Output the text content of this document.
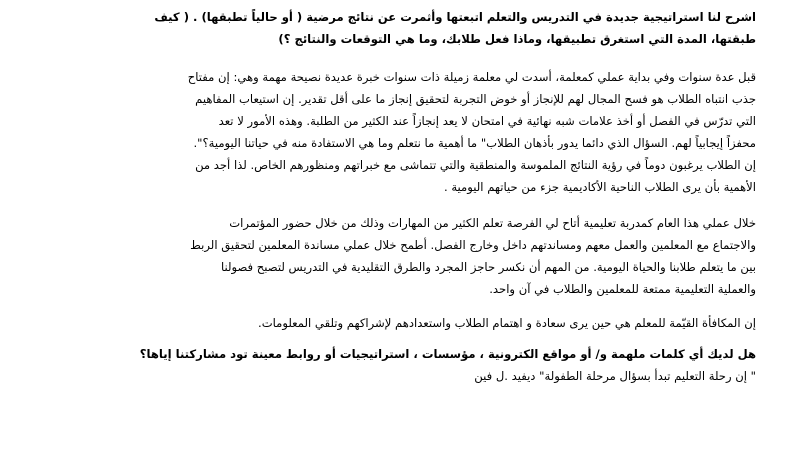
اشرح لنا استراتيجية جديدة في التدريس والتعلم اتبعتها وأثمرت عن نتائج مرضية ( أو حالياً تطبقها) . ( كيف
طبقتها، المدة التي استغرق تطبيقها، وماذا فعل طلابك، وما هي التوقعات والنتائج ؟)
قبل عدة سنوات وفي بداية عملي كمعلمة، أسدت لي معلمة زميلة ذات سنوات خبرة عديدة نصيحة مهمة وهي: إن مفتاح
جذب انتباه الطلاب هو فسح المجال لهم للإنجاز أو خوض التجربة لتحقيق إنجاز ما على أقل تقدير. إن استيعاب المفاهيم
التي تدرّس في الفصل أو أخذ علامات شبه نهائية في امتحان لا يعد إنجازاً عند الكثير من الطلبة. وهذه الأمور لا تعد
محفزاً إيجابياً لهم. السؤال الذي دائما يدور بأذهان الطلاب" ما أهمية ما نتعلم وما هي الاستفادة منه في حياتنا اليومية؟".
إن الطلاب يرغبون دوماً في رؤية النتائج الملموسة والمنطقية والتي تتماشى مع خبراتهم ومنظورهم الخاص. لذا أجد من
الأهمية بأن يرى الطلاب الناحية الأكاديمية جزء من حياتهم اليومية .
خلال عملي هذا العام كمدربة تعليمية أتاح لي الفرصة تعلم الكثير من المهارات وذلك من خلال حضور المؤتمرات
والاجتماع مع المعلمين والعمل معهم ومساندتهم داخل وخارج الفصل. أطمح خلال عملي مساندة المعلمين لتحقيق الربط
بين ما يتعلم طلابنا والحياة اليومية. من المهم أن نكسر حاجز المجرد والطرق التقليدية في التدريس لتصبح فصولنا
والعملية التعليمية ممتعة للمعلمين والطلاب في آن واحد.
إن المكافأة القيّمة للمعلم هي حين يرى سعادة و اهتمام الطلاب واستعدادهم لإشراكهم وتلقي المعلومات.
هل لديك أي كلمات ملهمة و/ أو مواقع الكترونية ، مؤسسات ، استراتيجيات أو روابط معينة تود مشاركتنا إياها؟
" إن رحلة التعليم تبدأ بسؤال مرحلة الطفولة" ديفيد .ل فين
